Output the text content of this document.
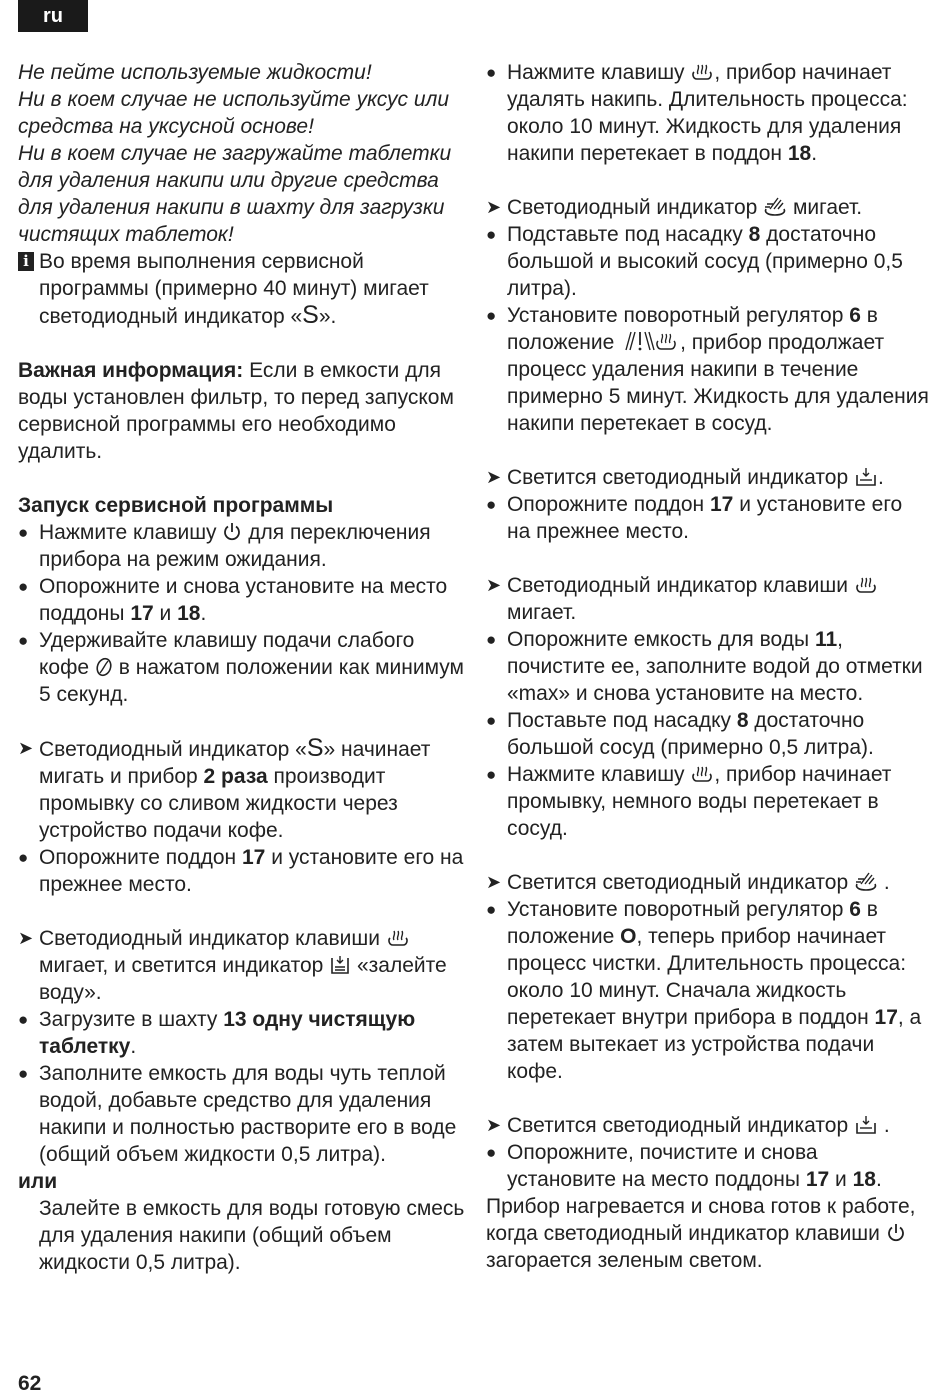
ru

Не пейте используемые жидкости!

Ни в коем случае не используйте уксус или средства на уксусной основе!

Ни в коем случае не загружайте таблетки для удаления накипи или другие средства для удаления накипи в шахту для загрузки чистящих таблеток!

i Во время выполнения сервисной программы (примерно 40 минут) мигает светодиодный индикатор «S».

Важная информация: Если в емкости для воды установлен фильтр, то перед запуском сервисной программы его необходимо удалить.

Запуск сервисной программы

● Нажмите клавишу
для переключения прибора на режим ожидания.

● Опорожните и снова установите на место поддоны 17 и 18.

● Удерживайте клавишу подачи слабого кофе
в нажатом положении как минимум 5 секунд.

➤ Светодиодный индикатор «S» начинает мигать и прибор 2 раза производит промывку со сливом жидкости через устройство подачи кофе.

● Опорожните поддон 17 и установите его на прежнее место.

➤ Светодиодный индикатор клавиши
мигает, и светится индикатор
«залейте воду».

● Загрузите в шахту 13 одну чистящую таблетку.

● Заполните емкость для воды чуть теплой водой, добавьте средство для удаления накипи и полностью растворите его в воде (общий объем жидкости 0,5 литра).

или

Залейте в емкость для воды готовую смесь для удаления накипи (общий объем жидкости 0,5 литра).

● Нажмите клавишу
, прибор начинает удалять накипь. Длительность процесса: около 10 минут. Жидкость для удаления накипи перетекает в поддон 18.

➤ Светодиодный индикатор
мигает.

● Подставьте под насадку 8 достаточно большой и высокий сосуд (примерно 0,5 литра).

● Установите поворотный регулятор 6 в положение	, прибор продолжает процесс удаления накипи в течение примерно 5 минут. Жидкость для удаления накипи перетекает в сосуд.

➤ Светится светодиодный индикатор
.

● Опорожните поддон 17 и установите его на прежнее место.

➤ Светодиодный индикатор клавиши
мигает.

● Опорожните емкость для воды 11, почистите ее, заполните водой до отметки «max» и снова установите на место.

● Поставьте под насадку 8 достаточно большой сосуд (примерно 0,5 литра).

● Нажмите клавишу
, прибор начинает промывку, немного воды перетекает в сосуд.

➤ Светится светодиодный индикатор
.

● Установите поворотный регулятор 6 в положение O, теперь прибор начинает процесс чистки. Длительность процесса: около 10 минут. Сначала жидкость перетекает внутри прибора в поддон 17, а затем вытекает из устройства подачи кофе.

➤ Светится светодиодный индикатор
.

● Опорожните, почистите и снова установите на место поддоны 17 и 18.

Прибор нагревается и снова готов к работе, когда светодиодный индикатор клавиши
загорается зеленым светом.

62
